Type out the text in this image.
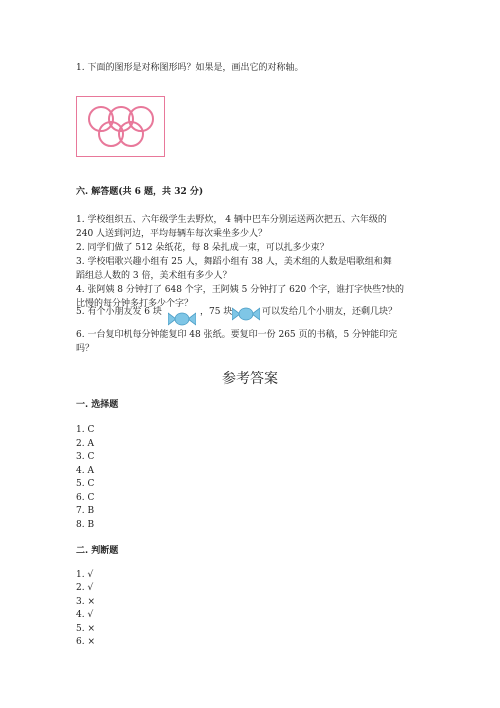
1. 下面的图形是对称图形吗？如果是，画出它的对称轴。
六. 解答题(共 6 题，共 32 分)
1. 学校组织五、六年级学生去野炊， 4 辆中巴车分别运送两次把五、六年级的
240 人送到河边，平均每辆车每次乘坐多少人？
2. 同学们做了 512 朵纸花，每 8 朵扎成一束，可以扎多少束？
3. 学校唱歌兴趣小组有 25 人，舞蹈小组有 38 人，美术组的人数是唱歌组和舞
蹈组总人数的 3 倍，美术组有多少人？
4. 张阿姨 8 分钟打了 648 个字，王阿姨 5 分钟打了 620 个字，谁打字快些?快的
比慢的每分钟多打多少个字？
5. 有个小朋友发 6 块	，75 块	可以发给几个小朋友，还剩几块？
6. 一台复印机每分钟能复印 48 张纸。要复印一份 265 页的书稿，5 分钟能印完
吗？
参考答案
一. 选择题
1. C
2. A
3. C
4. A
5. C
6. C
7. B
8. B
二. 判断题
1. √
2. √
3. ×
4. √
5. ×
6. ×
